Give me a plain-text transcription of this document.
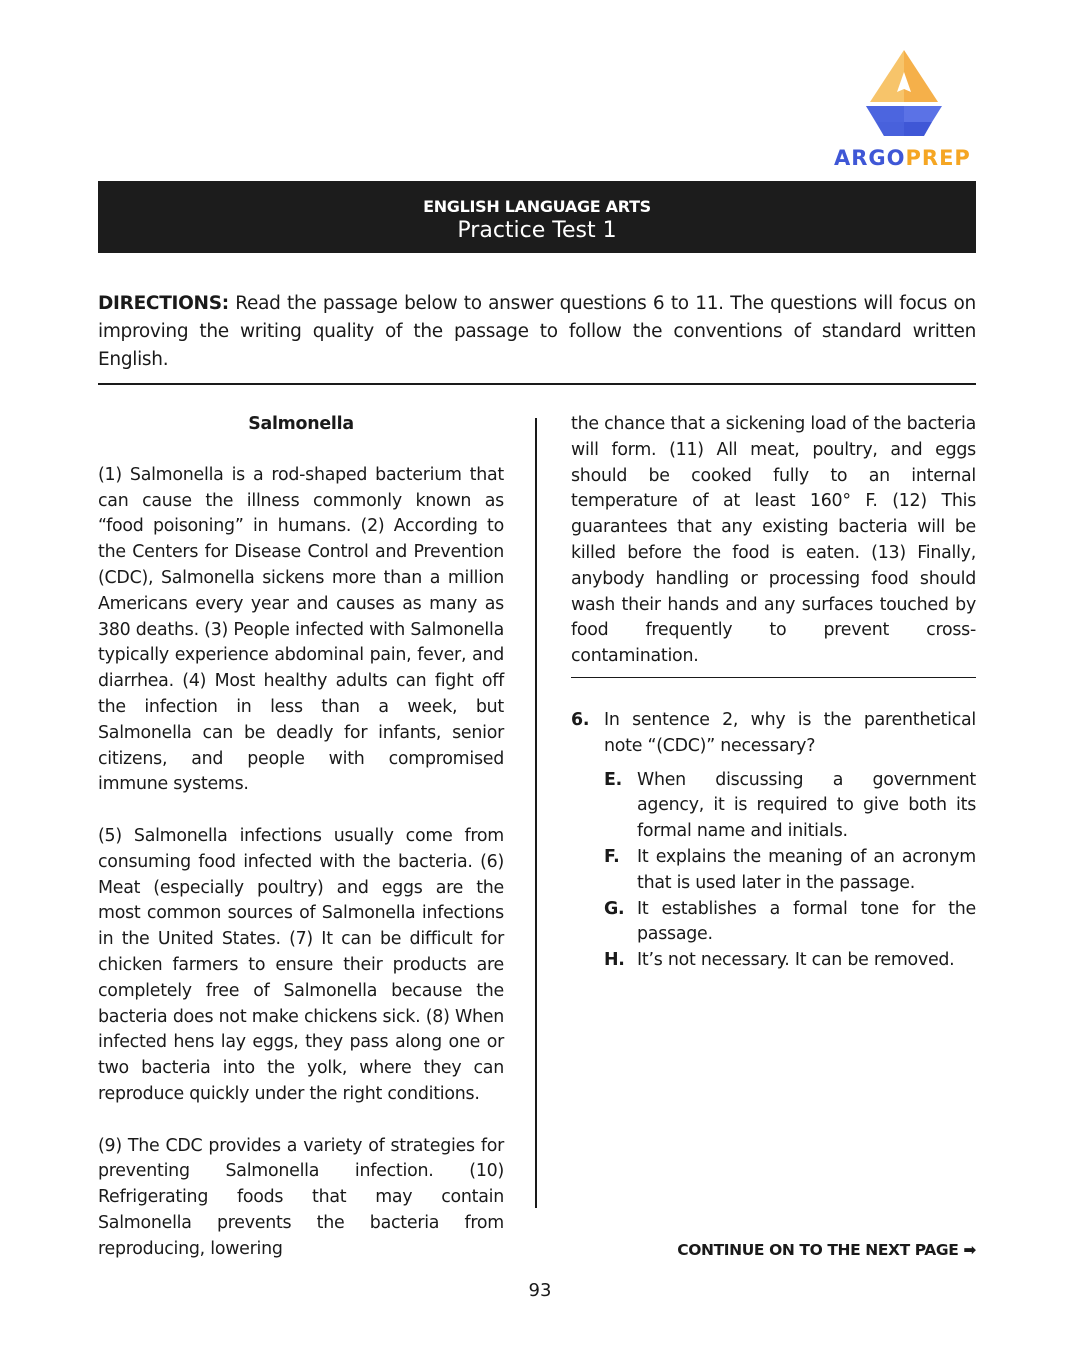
ARGOPREP
ENGLISH LANGUAGE ARTS
Practice Test 1
DIRECTIONS: Read the passage below to answer questions 6 to 11. The questions will focus on improving the writing quality of the passage to follow the conventions of standard written English.
Salmonella

(1) Salmonella is a rod-shaped bacterium that can cause the illness commonly known as “food poisoning” in humans. (2) According to the Centers for Disease Control and Prevention (CDC), Salmonella sickens more than a million Americans every year and causes as many as 380 deaths. (3) People infected with Salmonella typically experience abdominal pain, fever, and diarrhea. (4) Most healthy adults can fight off the infection in less than a week, but Salmonella can be deadly for infants, senior citizens, and people with compromised immune systems.

(5) Salmonella infections usually come from consuming food infected with the bacteria. (6) Meat (especially poultry) and eggs are the most common sources of Salmonella infections in the United States. (7) It can be difficult for chicken farmers to ensure their products are completely free of Salmonella because the bacteria does not make chickens sick. (8) When infected hens lay eggs, they pass along one or two bacteria into the yolk, where they can reproduce quickly under the right conditions.

(9) The CDC provides a variety of strategies for preventing Salmonella infection. (10) Refrigerating foods that may contain Salmonella prevents the bacteria from reproducing, lowering

the chance that a sickening load of the bacteria will form. (11) All meat, poultry, and eggs should be cooked fully to an internal temperature of at least 160° F. (12) This guarantees that any existing bacteria will be killed before the food is eaten. (13) Finally, anybody handling or processing food should wash their hands and any surfaces touched by food frequently to prevent cross-contamination.

6. In sentence 2, why is the parenthetical note “(CDC)” necessary?
E. When discussing a government agency, it is required to give both its formal name and initials.
F.	It explains the meaning of an acronym that is used later in the passage.
G. It establishes a formal tone for the passage.
H. It’s not necessary. It can be removed.
CONTINUE ON TO THE NEXT PAGE ➡
93
